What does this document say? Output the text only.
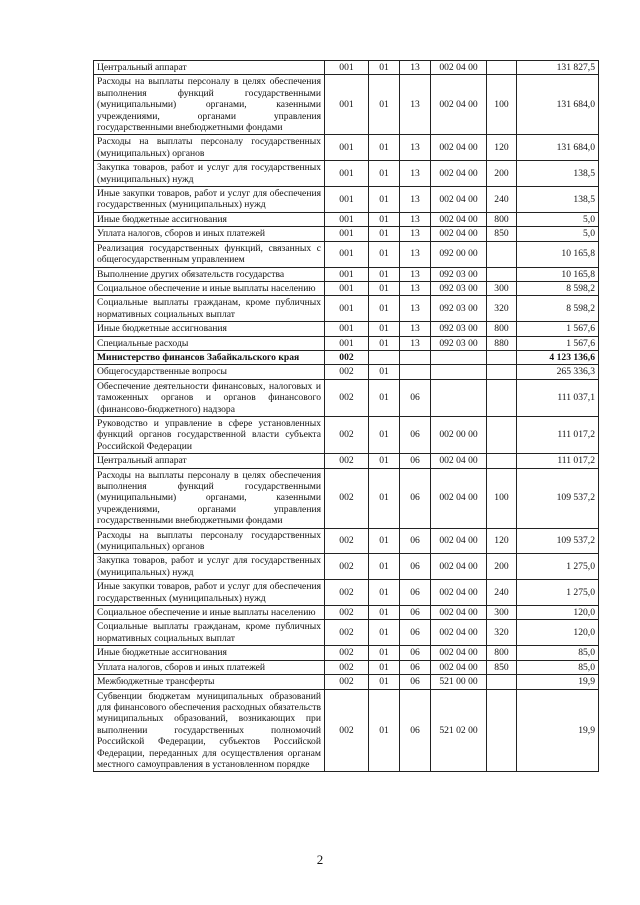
Центральный аппарат	001	01	13	002 04 00		131 827,5
Расходы на выплаты персоналу в целях обеспечения выполнения функций государственными (муниципальными) органами, казенными учреждениями, органами управления государственными внебюджетными фондами	001	01	13	002 04 00	100	131 684,0
Расходы на выплаты персоналу государственных (муниципальных) органов	001	01	13	002 04 00	120	131 684,0
Закупка товаров, работ и услуг для государственных (муниципальных) нужд	001	01	13	002 04 00	200	138,5
Иные закупки товаров, работ и услуг для обеспечения государственных (муниципальных) нужд	001	01	13	002 04 00	240	138,5
Иные бюджетные ассигнования	001	01	13	002 04 00	800	5,0
Уплата налогов, сборов и иных платежей	001	01	13	002 04 00	850	5,0
Реализация государственных функций, связанных с общегосударственным управлением	001	01	13	092 00 00		10 165,8
Выполнение других обязательств государства	001	01	13	092 03 00		10 165,8
Социальное обеспечение и иные выплаты населению	001	01	13	092 03 00	300	8 598,2
Социальные выплаты гражданам, кроме публичных нормативных социальных выплат	001	01	13	092 03 00	320	8 598,2
Иные бюджетные ассигнования	001	01	13	092 03 00	800	1 567,6
Специальные расходы	001	01	13	092 03 00	880	1 567,6
Министерство финансов Забайкальского края	002					4 123 136,6
Общегосударственные вопросы	002	01				265 336,3
Обеспечение деятельности финансовых, налоговых и таможенных органов и органов финансового (финансово-бюджетного) надзора	002	01	06			111 037,1
Руководство и управление в сфере установленных функций органов государственной власти субъекта Российской Федерации	002	01	06	002 00 00		111 017,2
Центральный аппарат	002	01	06	002 04 00		111 017,2
Расходы на выплаты персоналу в целях обеспечения выполнения функций государственными (муниципальными) органами, казенными учреждениями, органами управления государственными внебюджетными фондами	002	01	06	002 04 00	100	109 537,2
Расходы на выплаты персоналу государственных (муниципальных) органов	002	01	06	002 04 00	120	109 537,2
Закупка товаров, работ и услуг для государственных (муниципальных) нужд	002	01	06	002 04 00	200	1 275,0
Иные закупки товаров, работ и услуг для обеспечения государственных (муниципальных) нужд	002	01	06	002 04 00	240	1 275,0
Социальное обеспечение и иные выплаты населению	002	01	06	002 04 00	300	120,0
Социальные выплаты гражданам, кроме публичных нормативных социальных выплат	002	01	06	002 04 00	320	120,0
Иные бюджетные ассигнования	002	01	06	002 04 00	800	85,0
Уплата налогов, сборов и иных платежей	002	01	06	002 04 00	850	85,0
Межбюджетные трансферты	002	01	06	521 00 00		19,9
Субвенции бюджетам муниципальных образований для финансового обеспечения расходных обязательств муниципальных образований, возникающих при выполнении государственных полномочий Российской Федерации, субъектов Российской Федерации, переданных для осуществления органам местного самоуправления в установленном порядке	002	01	06	521 02 00		19,9
2
